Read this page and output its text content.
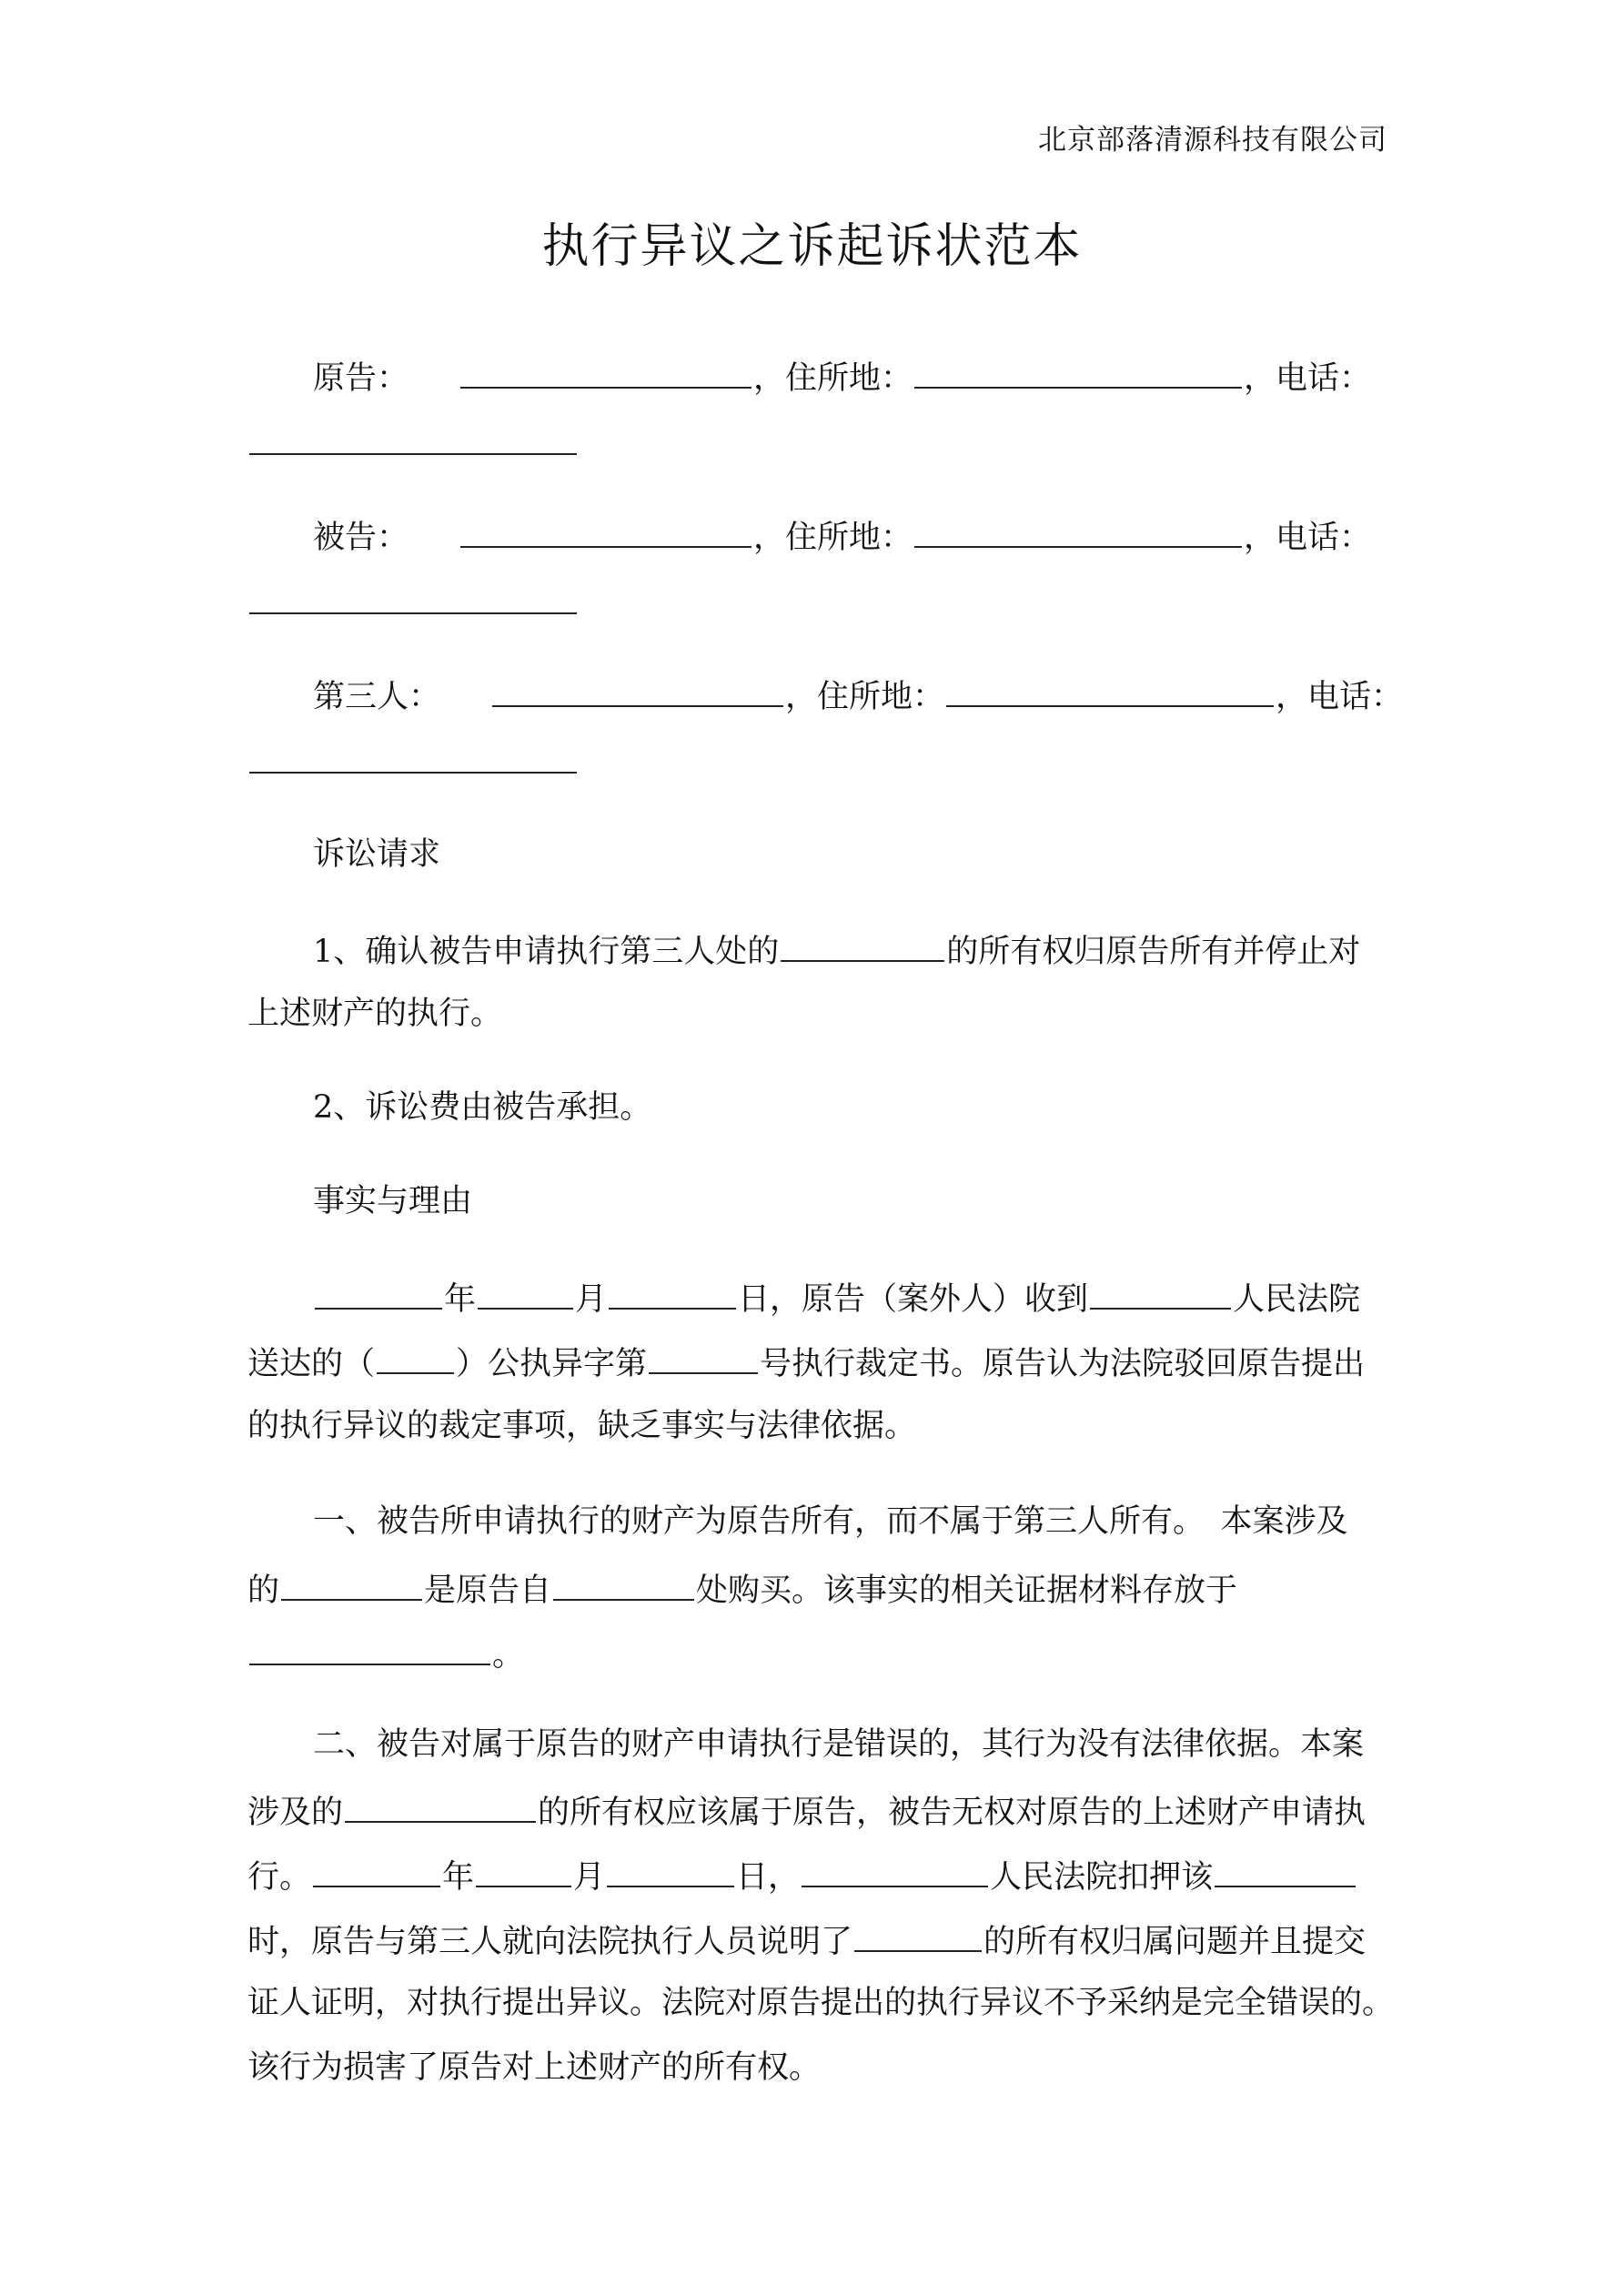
北京部落清源科技有限公司
执行异议之诉起诉状范本
原告：	，住所地：	，电话：
被告：	，住所地：	，电话：
第三人：	，住所地：	，电话：
诉讼请求
1、确认被告申请执行第三人处的	的所有权归原告所有并停止对
上述财产的执行。
2、诉讼费由被告承担。
事实与理由
年	月	日，原告（案外人）收到	人民法院
送达的（	）公执异字第	号执行裁定书。原告认为法院驳回原告提出
的执行异议的裁定事项，缺乏事实与法律依据。
一、被告所申请执行的财产为原告所有，而不属于第三人所有。　本案涉及
的	是原告自	处购买。该事实的相关证据材料存放于
。
二、被告对属于原告的财产申请执行是错误的，其行为没有法律依据。本案
涉及的	的所有权应该属于原告，被告无权对原告的上述财产申请执
行。	年	月	日，	人民法院扣押该
时，原告与第三人就向法院执行人员说明了	的所有权归属问题并且提交
证人证明，对执行提出异议。法院对原告提出的执行异议不予采纳是完全错误的。
该行为损害了原告对上述财产的所有权。
